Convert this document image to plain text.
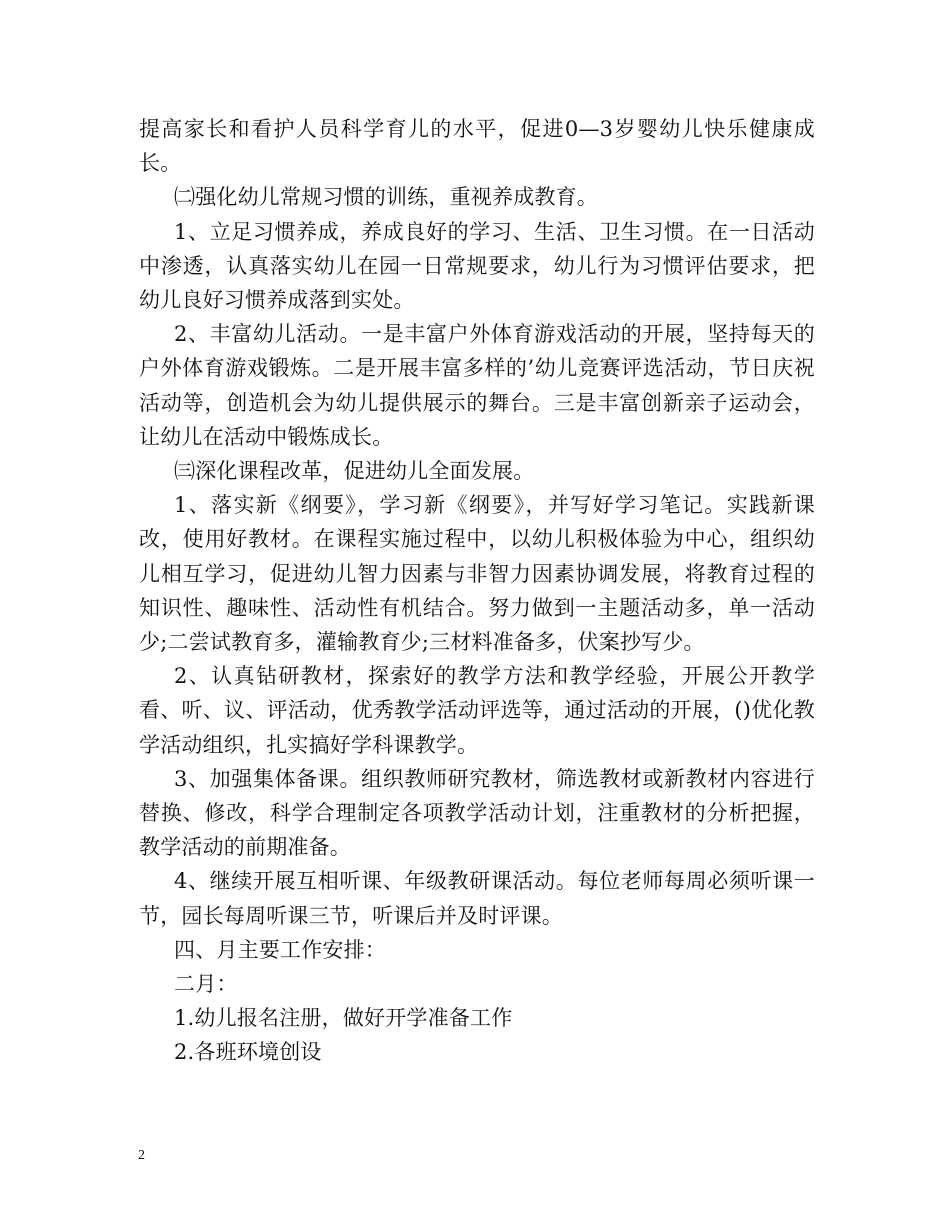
提高家长和看护人员科学育儿的水平，促进0—3岁婴幼儿快乐健康成长。

㈡强化幼儿常规习惯的训练，重视养成教育。

1、立足习惯养成，养成良好的学习、生活、卫生习惯。在一日活动中渗透，认真落实幼儿在园一日常规要求，幼儿行为习惯评估要求，把幼儿良好习惯养成落到实处。

2、丰富幼儿活动。一是丰富户外体育游戏活动的开展，坚持每天的户外体育游戏锻炼。二是开展丰富多样的’幼儿竞赛评选活动，节日庆祝活动等，创造机会为幼儿提供展示的舞台。三是丰富创新亲子运动会，让幼儿在活动中锻炼成长。

㈢深化课程改革，促进幼儿全面发展。

1、落实新《纲要》，学习新《纲要》，并写好学习笔记。实践新课改，使用好教材。在课程实施过程中，以幼儿积极体验为中心，组织幼儿相互学习，促进幼儿智力因素与非智力因素协调发展，将教育过程的知识性、趣味性、活动性有机结合。努力做到一主题活动多，单一活动少;二尝试教育多，灌输教育少;三材料准备多，伏案抄写少。

2、认真钻研教材，探索好的教学方法和教学经验，开展公开教学看、听、议、评活动，优秀教学活动评选等，通过活动的开展，()优化教学活动组织，扎实搞好学科课教学。

3、加强集体备课。组织教师研究教材，筛选教材或新教材内容进行替换、修改，科学合理制定各项教学活动计划，注重教材的分析把握，教学活动的前期准备。

4、继续开展互相听课、年级教研课活动。每位老师每周必须听课一节，园长每周听课三节，听课后并及时评课。

四、月主要工作安排：

二月：

1.幼儿报名注册，做好开学准备工作

2.各班环境创设

2
